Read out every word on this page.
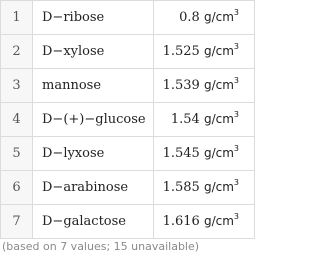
1	D−ribose	0.8 $g/cm^3$
2	D−xylose	1.525 $g/cm^3$
3	mannose	1.539 $g/cm^3$
4	D−(+)−glucose	1.54 $g/cm^3$
5	D−lyxose	1.545 $g/cm^3$
6	D−arabinose	1.585 $g/cm^3$
7	D−galactose	1.616 $g/cm^3$
(based on 7 values; 15 unavailable)
